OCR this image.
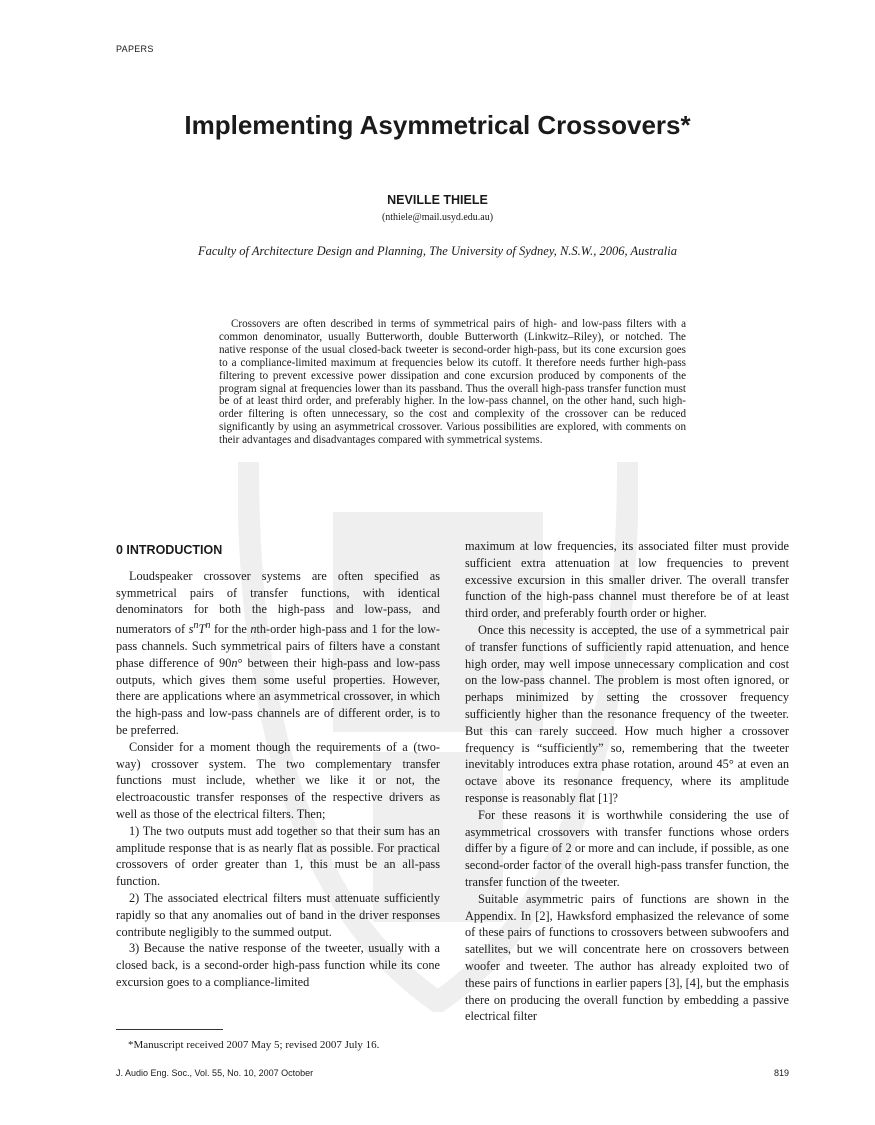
PAPERS
Implementing Asymmetrical Crossovers*
NEVILLE THIELE
(nthiele@mail.usyd.edu.au)
Faculty of Architecture Design and Planning, The University of Sydney, N.S.W., 2006, Australia

Crossovers are often described in terms of symmetrical pairs of high- and low-pass filters with a common denominator, usually Butterworth, double Butterworth (Linkwitz–Riley), or notched. The native response of the usual closed-back tweeter is second-order high-pass, but its cone excursion goes to a compliance-limited maximum at frequencies below its cutoff. It therefore needs further high-pass filtering to prevent excessive power dissipation and cone excursion produced by components of the program signal at frequencies lower than its passband. Thus the overall high-pass transfer function must be of at least third order, and preferably higher. In the low-pass channel, on the other hand, such high-order filtering is often unnecessary, so the cost and complexity of the crossover can be reduced significantly by using an asymmetrical crossover. Various possibilities are explored, with comments on their advantages and disadvantages compared with symmetrical systems.

0 INTRODUCTION

Loudspeaker crossover systems are often specified as symmetrical pairs of transfer functions, with identical denominators for both the high-pass and low-pass, and numerators of $s^nT^n$ for the nth-order high-pass and 1 for the low-pass channels. Such symmetrical pairs of filters have a constant phase difference of 90n° between their high-pass and low-pass outputs, which gives them some useful properties. However, there are applications where an asymmetrical crossover, in which the high-pass and low-pass channels are of different order, is to be preferred.

Consider for a moment though the requirements of a (two-way) crossover system. The two complementary transfer functions must include, whether we like it or not, the electroacoustic transfer responses of the respective drivers as well as those of the electrical filters. Then;

1) The two outputs must add together so that their sum has an amplitude response that is as nearly flat as possible. For practical crossovers of order greater than 1, this must be an all-pass function.

2) The associated electrical filters must attenuate sufficiently rapidly so that any anomalies out of band in the driver responses contribute negligibly to the summed output.

3) Because the native response of the tweeter, usually with a closed back, is a second-order high-pass function while its cone excursion goes to a compliance-limited

maximum at low frequencies, its associated filter must provide sufficient extra attenuation at low frequencies to prevent excessive excursion in this smaller driver. The overall transfer function of the high-pass channel must therefore be of at least third order, and preferably fourth order or higher.

Once this necessity is accepted, the use of a symmetrical pair of transfer functions of sufficiently rapid attenuation, and hence high order, may well impose unnecessary complication and cost on the low-pass channel. The problem is most often ignored, or perhaps minimized by setting the crossover frequency sufficiently higher than the resonance frequency of the tweeter. But this can rarely succeed. How much higher a crossover frequency is “sufficiently” so, remembering that the tweeter inevitably introduces extra phase rotation, around 45° at even an octave above its resonance frequency, where its amplitude response is reasonably flat [1]?

For these reasons it is worthwhile considering the use of asymmetrical crossovers with transfer functions whose orders differ by a figure of 2 or more and can include, if possible, as one second-order factor of the overall high-pass transfer function, the transfer function of the tweeter.

Suitable asymmetric pairs of functions are shown in the Appendix. In [2], Hawksford emphasized the relevance of some of these pairs of functions to crossovers between subwoofers and satellites, but we will concentrate here on crossovers between woofer and tweeter. The author has already exploited two of these pairs of functions in earlier papers [3], [4], but the emphasis there on producing the overall function by embedding a passive electrical filter

*Manuscript received 2007 May 5; revised 2007 July 16.

J. Audio Eng. Soc., Vol. 55, No. 10, 2007 October	819
